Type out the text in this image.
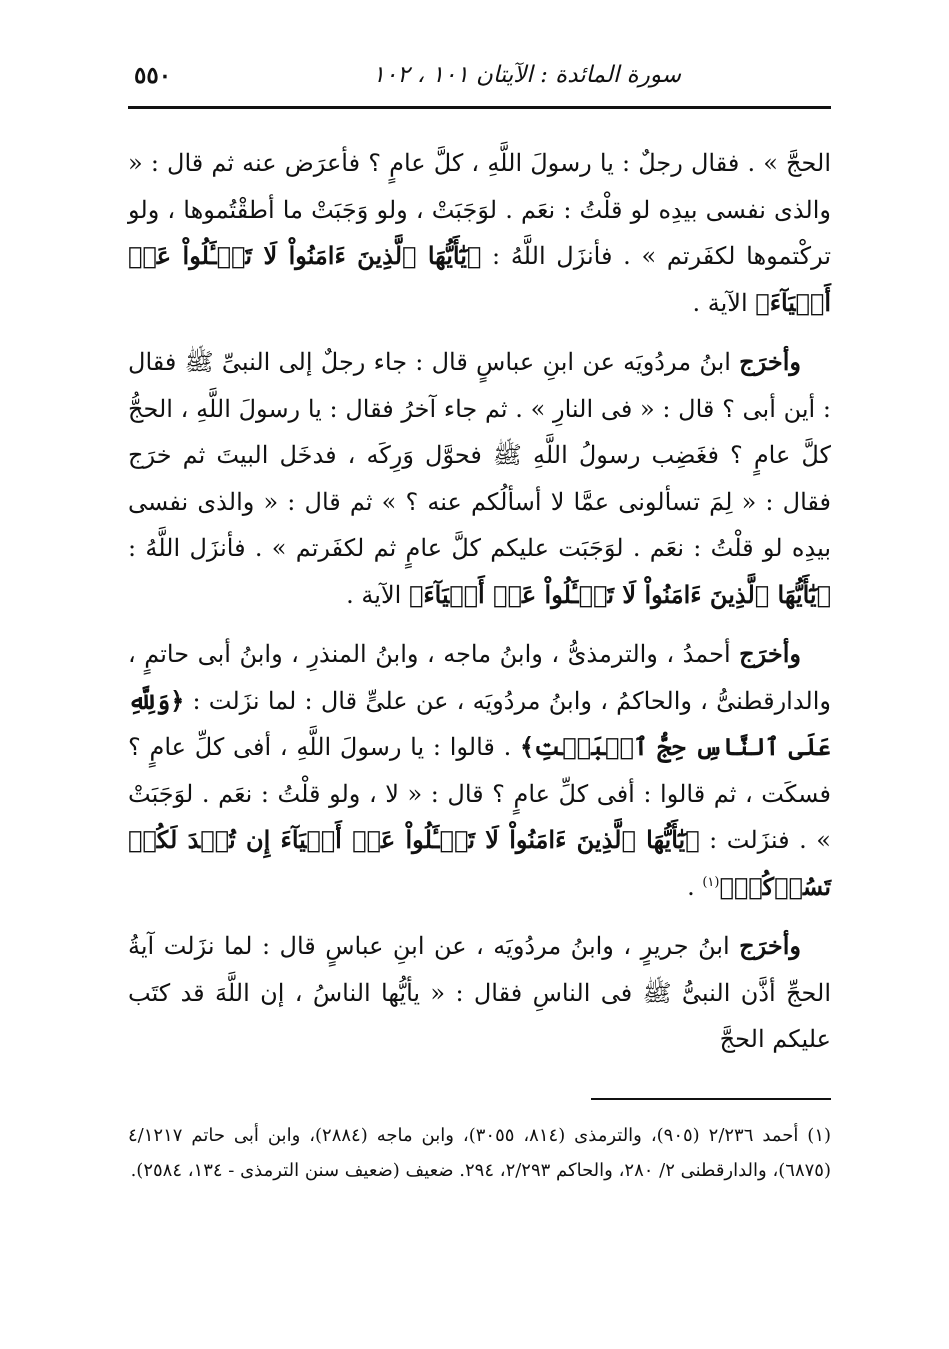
٥٥٠	سورة المائدة : الآيتان ١٠١ ، ١٠٢

الحجَّ » . فقال رجلٌ : يا رسولَ اللَّهِ ، كلَّ عامٍ ؟ فأعرَض عنه ثم قال : « والذى نفسى بيدِه لو قلْتُ : نعَم . لوَجَبَتْ ، ولو وَجَبَتْ ما أطقْتُموها ، ولو تركْتموها لكفَرتم » . فأنزَل اللَّهُ : ﴿يَٰٓأَيُّهَا ٱلَّذِينَ ءَامَنُواْ لَا تَسۡـَٔلُواْ عَنۡ أَشۡيَآءَ﴾ الآية .

وأخرَج ابنُ مردُويَه عن ابنِ عباسٍ قال : جاء رجلٌ إلى النبىِّ ﷺ فقال : أين أبى ؟ قال : « فى النارِ » . ثم جاء آخرُ فقال : يا رسولَ اللَّهِ ، الحجُّ كلَّ عامٍ ؟ فغَضِب رسولُ اللَّهِ ﷺ فحوَّل وَرِكَه ، فدخَل البيتَ ثم خرَج فقال : « لِمَ تسألونى عمَّا لا أسألُكم عنه ؟ » ثم قال : « والذى نفسى بيدِه لو قلْتُ : نعَم . لوَجَبَت عليكم كلَّ عامٍ ثم لكفَرتم » . فأنزَل اللَّهُ : ﴿يَٰٓأَيُّهَا ٱلَّذِينَ ءَامَنُواْ لَا تَسۡـَٔلُواْ عَنۡ أَشۡيَآءَ﴾ الآية .

وأخرَج أحمدُ ، والترمذىُّ ، وابنُ ماجه ، وابنُ المنذرِ ، وابنُ أبى حاتمٍ ، والدارقطنىُّ ، والحاكمُ ، وابنُ مردُويَه ، عن علىٍّ قال : لما نزَلت : ﴿وَلِلَّهِ عَلَى ٱلنَّاسِ حِجُّ ٱلۡبَيۡتِ﴾ . قالوا : يا رسولَ اللَّهِ ، أفى كلِّ عامٍ ؟ فسكَت ، ثم قالوا : أفى كلِّ عامٍ ؟ قال : « لا ، ولو قلْتُ : نعَم . لوَجَبَتْ » . فنزَلت : ﴿يَٰٓأَيُّهَا ٱلَّذِينَ ءَامَنُواْ لَا تَسۡـَٔلُواْ عَنۡ أَشۡيَآءَ إِن تُبۡدَ لَكُمۡ تَسُؤۡكُمۡ﴾$^{(١)}$ .

وأخرَج ابنُ جريرٍ ، وابنُ مردُويَه ، عن ابنِ عباسٍ قال : لما نزَلت آيةُ الحجِّ أذَّن النبىُّ ﷺ فى الناسِ فقال : « يأيُّها الناسُ ، إن اللَّهَ قد كتَب عليكم الحجَّ

(١) أحمد ٢/٢٣٦ (٩٠٥)، والترمذى (٨١٤، ٣٠٥٥)، وابن ماجه (٢٨٨٤)، وابن أبى حاتم ٤/١٢١٧ (٦٨٧٥)، والدارقطنى ٢/ ٢٨٠، والحاكم ٢/٢٩٣، ٢٩٤. ضعيف (ضعيف سنن الترمذى - ١٣٤، ٢٥٨٤).
